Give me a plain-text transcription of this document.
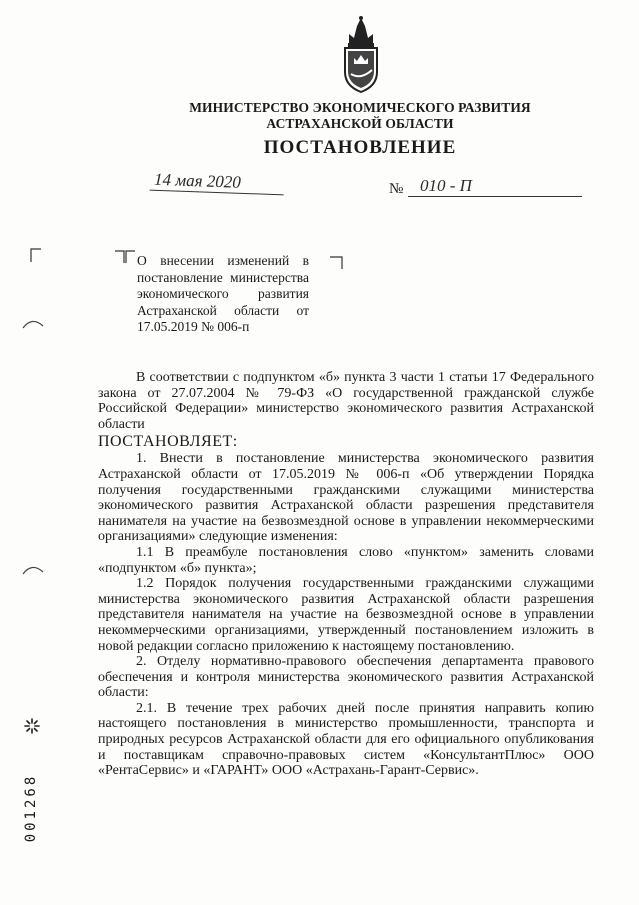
МИНИСТЕРСТВО ЭКОНОМИЧЕСКОГО РАЗВИТИЯ
АСТРАХАНСКОЙ ОБЛАСТИ
ПОСТАНОВЛЕНИЕ
14 мая 2020	№ 010 - П
О внесении изменений в постановление министерства экономического развития Астраханской области от 17.05.2019 № 006-п

В соответствии с подпунктом «б» пункта 3 части 1 статьи 17 Федерального закона от 27.07.2004 № 79-ФЗ «О государственной гражданской службе Российской Федерации» министерство экономического развития Астраханской области

ПОСТАНОВЛЯЕТ:

1. Внести в постановление министерства экономического развития Астраханской области от 17.05.2019 № 006-п «Об утверждении Порядка получения государственными гражданскими служащими министерства экономического развития Астраханской области разрешения представителя нанимателя на участие на безвозмездной основе в управлении некоммерческими организациями» следующие изменения:

1.1 В преамбуле постановления слово «пунктом» заменить словами «подпунктом «б» пункта»;

1.2 Порядок получения государственными гражданскими служащими министерства экономического развития Астраханской области разрешения представителя нанимателя на участие на безвозмездной основе в управлении некоммерческими организациями, утвержденный постановлением изложить в новой редакции согласно приложению к настоящему постановлению.

2. Отделу нормативно-правового обеспечения департамента правового обеспечения и контроля министерства экономического развития Астраханской области:

2.1. В течение трех рабочих дней после принятия направить копию настоящего постановления в министерство промышленности, транспорта и природных ресурсов Астраханской области для его официального опубликования и поставщикам справочно-правовых систем «КонсультантПлюс» ООО «РентаСервис» и «ГАРАНТ» ООО «Астрахань-Гарант-Сервис».

001268
